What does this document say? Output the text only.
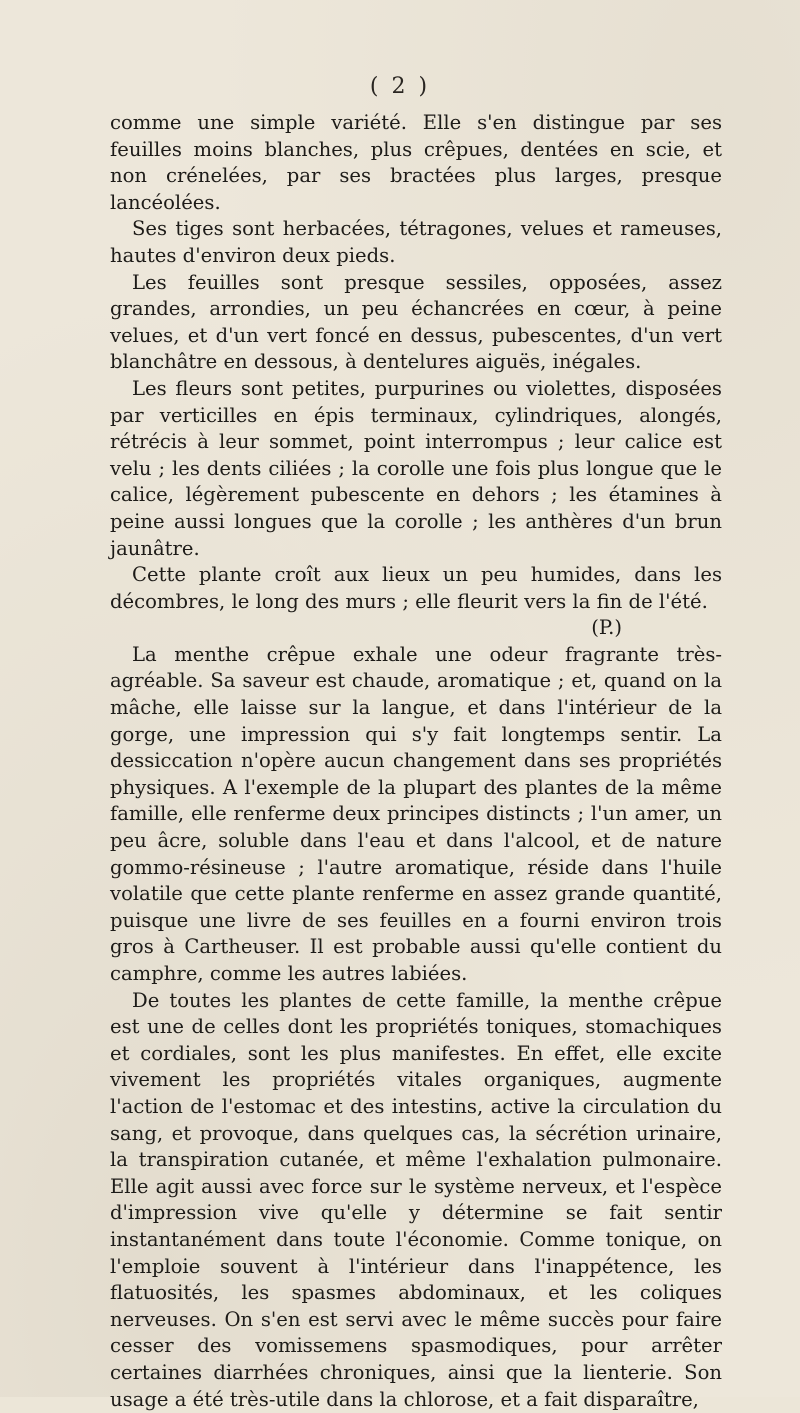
( 2 )

comme une simple variété. Elle s'en distingue par ses feuilles moins blanches, plus crêpues, dentées en scie, et non crénelées, par ses bractées plus larges, presque lancéolées.

Ses tiges sont herbacées, tétragones, velues et rameuses, hautes d'environ deux pieds.

Les feuilles sont presque sessiles, opposées, assez grandes, arrondies, un peu échancrées en cœur, à peine velues, et d'un vert foncé en dessus, pubescentes, d'un vert blanchâtre en dessous, à dentelures aiguës, inégales.

Les fleurs sont petites, purpurines ou violettes, disposées par verticilles en épis terminaux, cylindriques, alongés, rétrécis à leur sommet, point interrompus ; leur calice est velu ; les dents ciliées ; la corolle une fois plus longue que le calice, légèrement pubescente en dehors ; les étamines à peine aussi longues que la corolle ; les anthères d'un brun jaunâtre.

Cette plante croît aux lieux un peu humides, dans les décombres, le long des murs ; elle fleurit vers la fin de l'été.

(P.)

La menthe crêpue exhale une odeur fragrante très-agréable. Sa saveur est chaude, aromatique ; et, quand on la mâche, elle laisse sur la langue, et dans l'intérieur de la gorge, une impression qui s'y fait longtemps sentir. La dessiccation n'opère aucun changement dans ses propriétés physiques. A l'exemple de la plupart des plantes de la même famille, elle renferme deux principes distincts ; l'un amer, un peu âcre, soluble dans l'eau et dans l'alcool, et de nature gommo-résineuse ; l'autre aromatique, réside dans l'huile volatile que cette plante renferme en assez grande quantité, puisque une livre de ses feuilles en a fourni environ trois gros à Cartheuser. Il est probable aussi qu'elle contient du camphre, comme les autres labiées.

De toutes les plantes de cette famille, la menthe crêpue est une de celles dont les propriétés toniques, stomachiques et cordiales, sont les plus manifestes. En effet, elle excite vivement les propriétés vitales organiques, augmente l'action de l'estomac et des intestins, active la circulation du sang, et provoque, dans quelques cas, la sécrétion urinaire, la transpiration cutanée, et même l'exhalation pulmonaire. Elle agit aussi avec force sur le système nerveux, et l'espèce d'impression vive qu'elle y détermine se fait sentir instantanément dans toute l'économie. Comme tonique, on l'emploie souvent à l'intérieur dans l'inappétence, les flatuosités, les spasmes abdominaux, et les coliques nerveuses. On s'en est servi avec le même succès pour faire cesser des vomissemens spasmodiques, pour arrêter certaines diarrhées chroniques, ainsi que la lienterie. Son usage a été très-utile dans la chlorose, et a fait disparaître,
